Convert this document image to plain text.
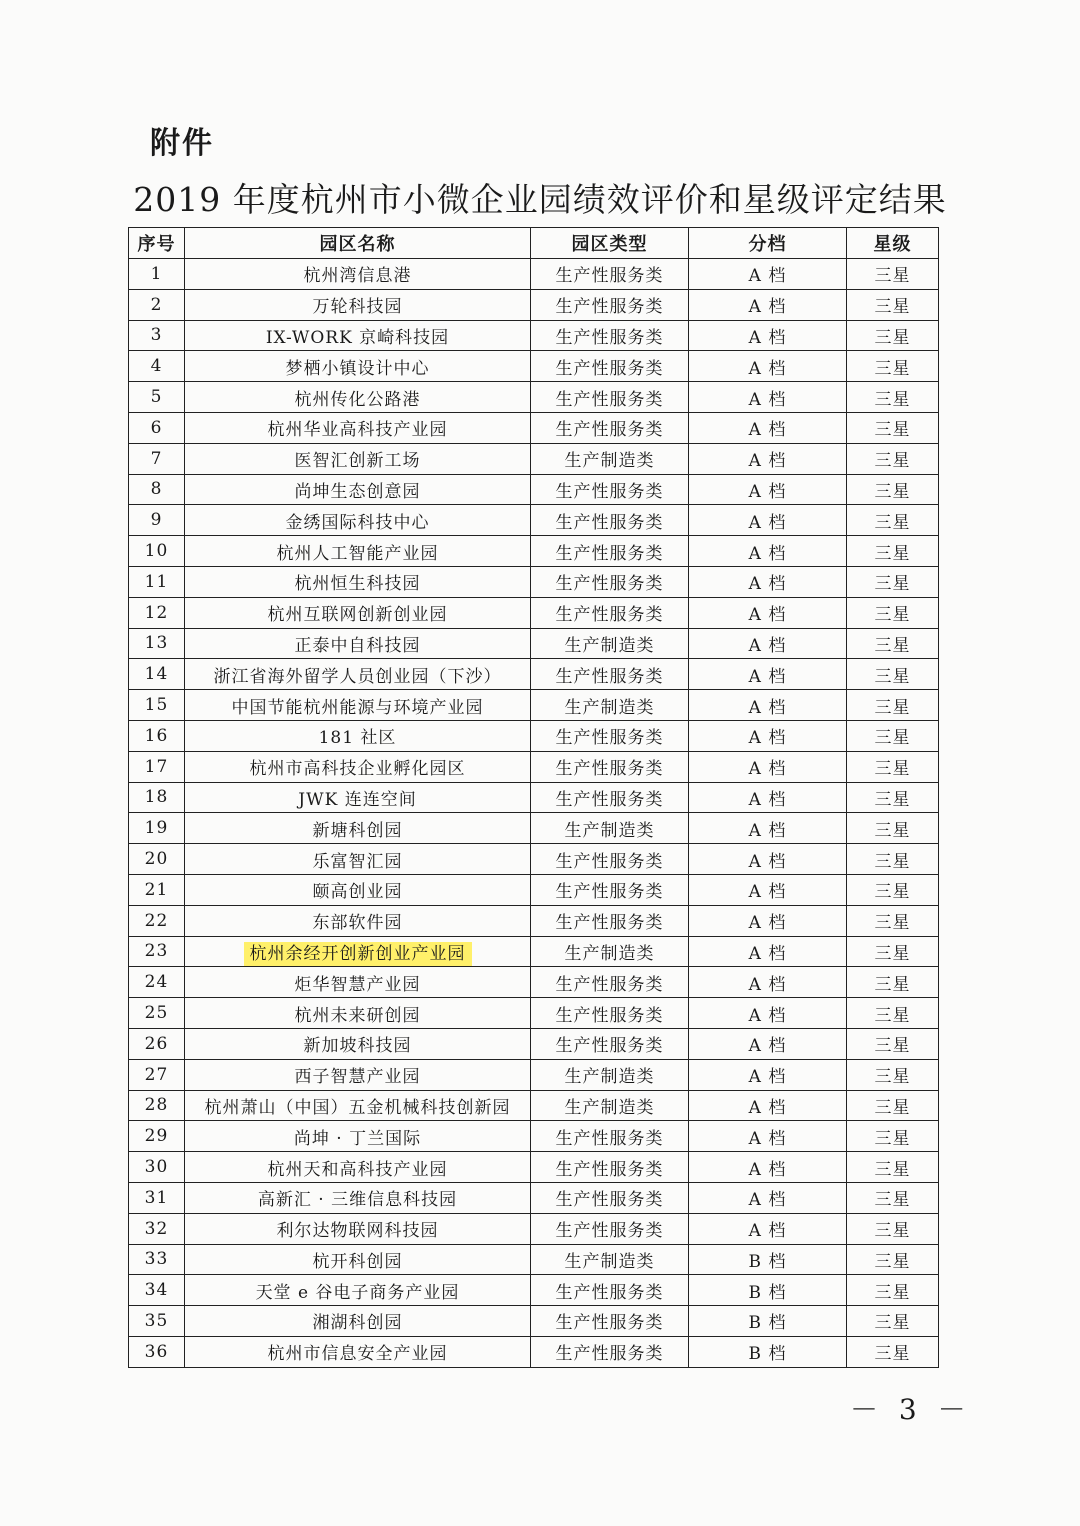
附件
2019 年度杭州市小微企业园绩效评价和星级评定结果
序号	园区名称	园区类型	分档	星级
1	杭州湾信息港	生产性服务类	A 档	三星
2	万轮科技园	生产性服务类	A 档	三星
3	IX-WORK 京崎科技园	生产性服务类	A 档	三星
4	梦栖小镇设计中心	生产性服务类	A 档	三星
5	杭州传化公路港	生产性服务类	A 档	三星
6	杭州华业高科技产业园	生产性服务类	A 档	三星
7	医智汇创新工场	生产制造类	A 档	三星
8	尚坤生态创意园	生产性服务类	A 档	三星
9	金绣国际科技中心	生产性服务类	A 档	三星
10	杭州人工智能产业园	生产性服务类	A 档	三星
11	杭州恒生科技园	生产性服务类	A 档	三星
12	杭州互联网创新创业园	生产性服务类	A 档	三星
13	正泰中自科技园	生产制造类	A 档	三星
14	浙江省海外留学人员创业园（下沙）	生产性服务类	A 档	三星
15	中国节能杭州能源与环境产业园	生产制造类	A 档	三星
16	181 社区	生产性服务类	A 档	三星
17	杭州市高科技企业孵化园区	生产性服务类	A 档	三星
18	JWK 连连空间	生产性服务类	A 档	三星
19	新塘科创园	生产制造类	A 档	三星
20	乐富智汇园	生产性服务类	A 档	三星
21	颐高创业园	生产性服务类	A 档	三星
22	东部软件园	生产性服务类	A 档	三星
23	杭州余经开创新创业产业园	生产制造类	A 档	三星
24	炬华智慧产业园	生产性服务类	A 档	三星
25	杭州未来研创园	生产性服务类	A 档	三星
26	新加坡科技园	生产性服务类	A 档	三星
27	西子智慧产业园	生产制造类	A 档	三星
28	杭州萧山（中国）五金机械科技创新园	生产制造类	A 档	三星
29	尚坤 · 丁兰国际	生产性服务类	A 档	三星
30	杭州天和高科技产业园	生产性服务类	A 档	三星
31	高新汇 · 三维信息科技园	生产性服务类	A 档	三星
32	利尔达物联网科技园	生产性服务类	A 档	三星
33	杭开科创园	生产制造类	B 档	三星
34	天堂 e 谷电子商务产业园	生产性服务类	B 档	三星
35	湘湖科创园	生产性服务类	B 档	三星
36	杭州市信息安全产业园	生产性服务类	B 档	三星
－ 3 －
